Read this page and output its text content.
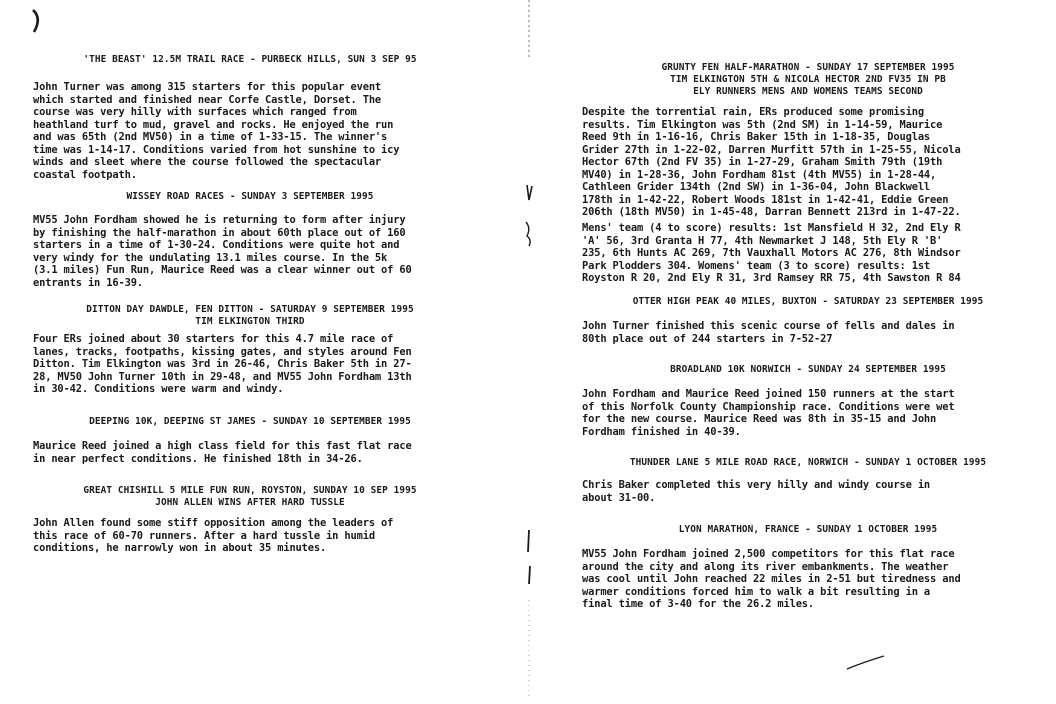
'THE BEAST' 12.5M TRAIL RACE - PURBECK HILLS, SUN 3 SEP 95
John Turner was among 315 starters for this popular event
which started and finished near Corfe Castle, Dorset. The
course was very hilly with surfaces which ranged from
heathland turf to mud, gravel and rocks. He enjoyed the run
and was 65th (2nd MV50) in a time of 1-33-15. The winner's
time was 1-14-17. Conditions varied from hot sunshine to icy
winds and sleet where the course followed the spectacular
coastal footpath.
WISSEY ROAD RACES - SUNDAY 3 SEPTEMBER 1995
MV55 John Fordham showed he is returning to form after injury
by finishing the half-marathon in about 60th place out of 160
starters in a time of 1-30-24. Conditions were quite hot and
very windy for the undulating 13.1 miles course. In the 5k
(3.1 miles) Fun Run, Maurice Reed was a clear winner out of 60
entrants in 16-39.
DITTON DAY DAWDLE, FEN DITTON - SATURDAY 9 SEPTEMBER 1995
TIM ELKINGTON THIRD
Four ERs joined about 30 starters for this 4.7 mile race of
lanes, tracks, footpaths, kissing gates, and styles around Fen
Ditton. Tim Elkington was 3rd in 26-46, Chris Baker 5th in 27-
28, MV50 John Turner 10th in 29-48, and MV55 John Fordham 13th
in 30-42. Conditions were warm and windy.
DEEPING 10K, DEEPING ST JAMES - SUNDAY 10 SEPTEMBER 1995
Maurice Reed joined a high class field for this fast flat race
in near perfect conditions. He finished 18th in 34-26.
GREAT CHISHILL 5 MILE FUN RUN, ROYSTON, SUNDAY 10 SEP 1995
JOHN ALLEN WINS AFTER HARD TUSSLE
John Allen found some stiff opposition among the leaders of
this race of 60-70 runners. After a hard tussle in humid
conditions, he narrowly won in about 35 minutes.
GRUNTY FEN HALF-MARATHON - SUNDAY 17 SEPTEMBER 1995
TIM ELKINGTON 5TH & NICOLA HECTOR 2ND FV35 IN PB
ELY RUNNERS MENS AND WOMENS TEAMS SECOND
Despite the torrential rain, ERs produced some promising
results. Tim Elkington was 5th (2nd SM) in 1-14-59, Maurice
Reed 9th in 1-16-16, Chris Baker 15th in 1-18-35, Douglas
Grider 27th in 1-22-02, Darren Murfitt 57th in 1-25-55, Nicola
Hector 67th (2nd FV 35) in 1-27-29, Graham Smith 79th (19th
MV40) in 1-28-36, John Fordham 81st (4th MV55) in 1-28-44,
Cathleen Grider 134th (2nd SW) in 1-36-04, John Blackwell
178th in 1-42-22, Robert Woods 181st in 1-42-41, Eddie Green
206th (18th MV50) in 1-45-48, Darran Bennett 213rd in 1-47-22.
Mens' team (4 to score) results: 1st Mansfield H 32, 2nd Ely R
'A' 56, 3rd Granta H 77, 4th Newmarket J 148, 5th Ely R 'B'
235, 6th Hunts AC 269, 7th Vauxhall Motors AC 276, 8th Windsor
Park Plodders 304. Womens' team (3 to score) results: 1st
Royston R 20, 2nd Ely R 31, 3rd Ramsey RR 75, 4th Sawston R 84
OTTER HIGH PEAK 40 MILES, BUXTON - SATURDAY 23 SEPTEMBER 1995
John Turner finished this scenic course of fells and dales in
80th place out of 244 starters in 7-52-27
BROADLAND 10K NORWICH - SUNDAY 24 SEPTEMBER 1995
John Fordham and Maurice Reed joined 150 runners at the start
of this Norfolk County Championship race. Conditions were wet
for the new course. Maurice Reed was 8th in 35-15 and John
Fordham finished in 40-39.
THUNDER LANE 5 MILE ROAD RACE, NORWICH - SUNDAY 1 OCTOBER 1995
Chris Baker completed this very hilly and windy course in
about 31-00.
LYON MARATHON, FRANCE - SUNDAY 1 OCTOBER 1995
MV55 John Fordham joined 2,500 competitors for this flat race
around the city and along its river embankments. The weather
was cool until John reached 22 miles in 2-51 but tiredness and
warmer conditions forced him to walk a bit resulting in a
final time of 3-40 for the 26.2 miles.
